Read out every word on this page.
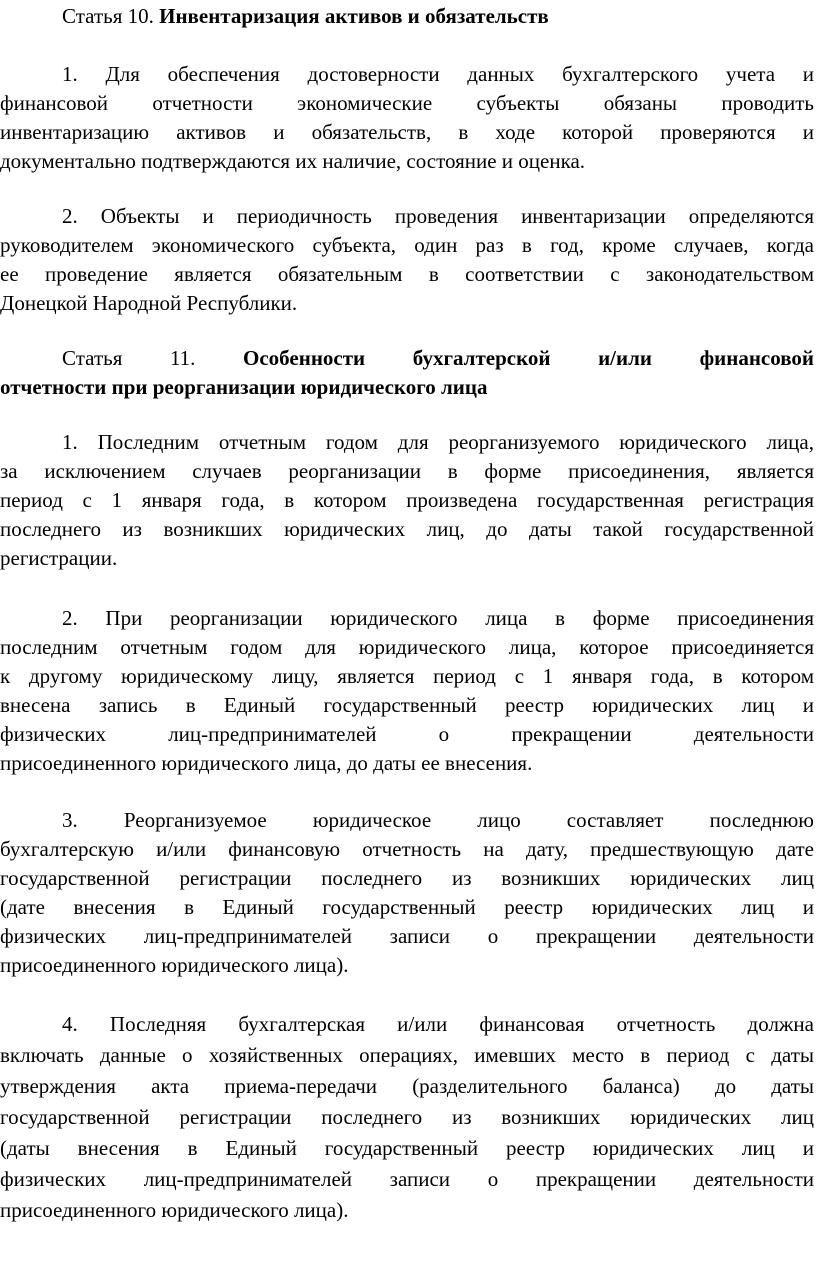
Статья 10. Инвентаризация активов и обязательств
1. Для обеспечения достоверности данных бухгалтерского учета и
финансовой отчетности экономические субъекты обязаны проводить
инвентаризацию активов и обязательств, в ходе которой проверяются и
документально подтверждаются их наличие, состояние и оценка.
2. Объекты и периодичность проведения инвентаризации определяются
руководителем экономического субъекта, один раз в год, кроме случаев, когда
ее проведение является обязательным в соответствии с законодательством
Донецкой Народной Республики.
Статья 11. Особенности бухгалтерской и/или финансовой
отчетности при реорганизации юридического лица
1. Последним отчетным годом для реорганизуемого юридического лица,
за исключением случаев реорганизации в форме присоединения, является
период с 1 января года, в котором произведена государственная регистрация
последнего из возникших юридических лиц, до даты такой государственной
регистрации.
2. При реорганизации юридического лица в форме присоединения
последним отчетным годом для юридического лица, которое присоединяется
к другому юридическому лицу, является период с 1 января года, в котором
внесена запись в Единый государственный реестр юридических лиц и
физических лиц-предпринимателей о прекращении деятельности
присоединенного юридического лица, до даты ее внесения.
3. Реорганизуемое юридическое лицо составляет последнюю
бухгалтерскую и/или финансовую отчетность на дату, предшествующую дате
государственной регистрации последнего из возникших юридических лиц
(дате внесения в Единый государственный реестр юридических лиц и
физических лиц-предпринимателей записи о прекращении деятельности
присоединенного юридического лица).
4. Последняя бухгалтерская и/или финансовая отчетность должна
включать данные о хозяйственных операциях, имевших место в период с даты
утверждения акта приема-передачи (разделительного баланса) до даты
государственной регистрации последнего из возникших юридических лиц
(даты внесения в Единый государственный реестр юридических лиц и
физических лиц-предпринимателей записи о прекращении деятельности
присоединенного юридического лица).
